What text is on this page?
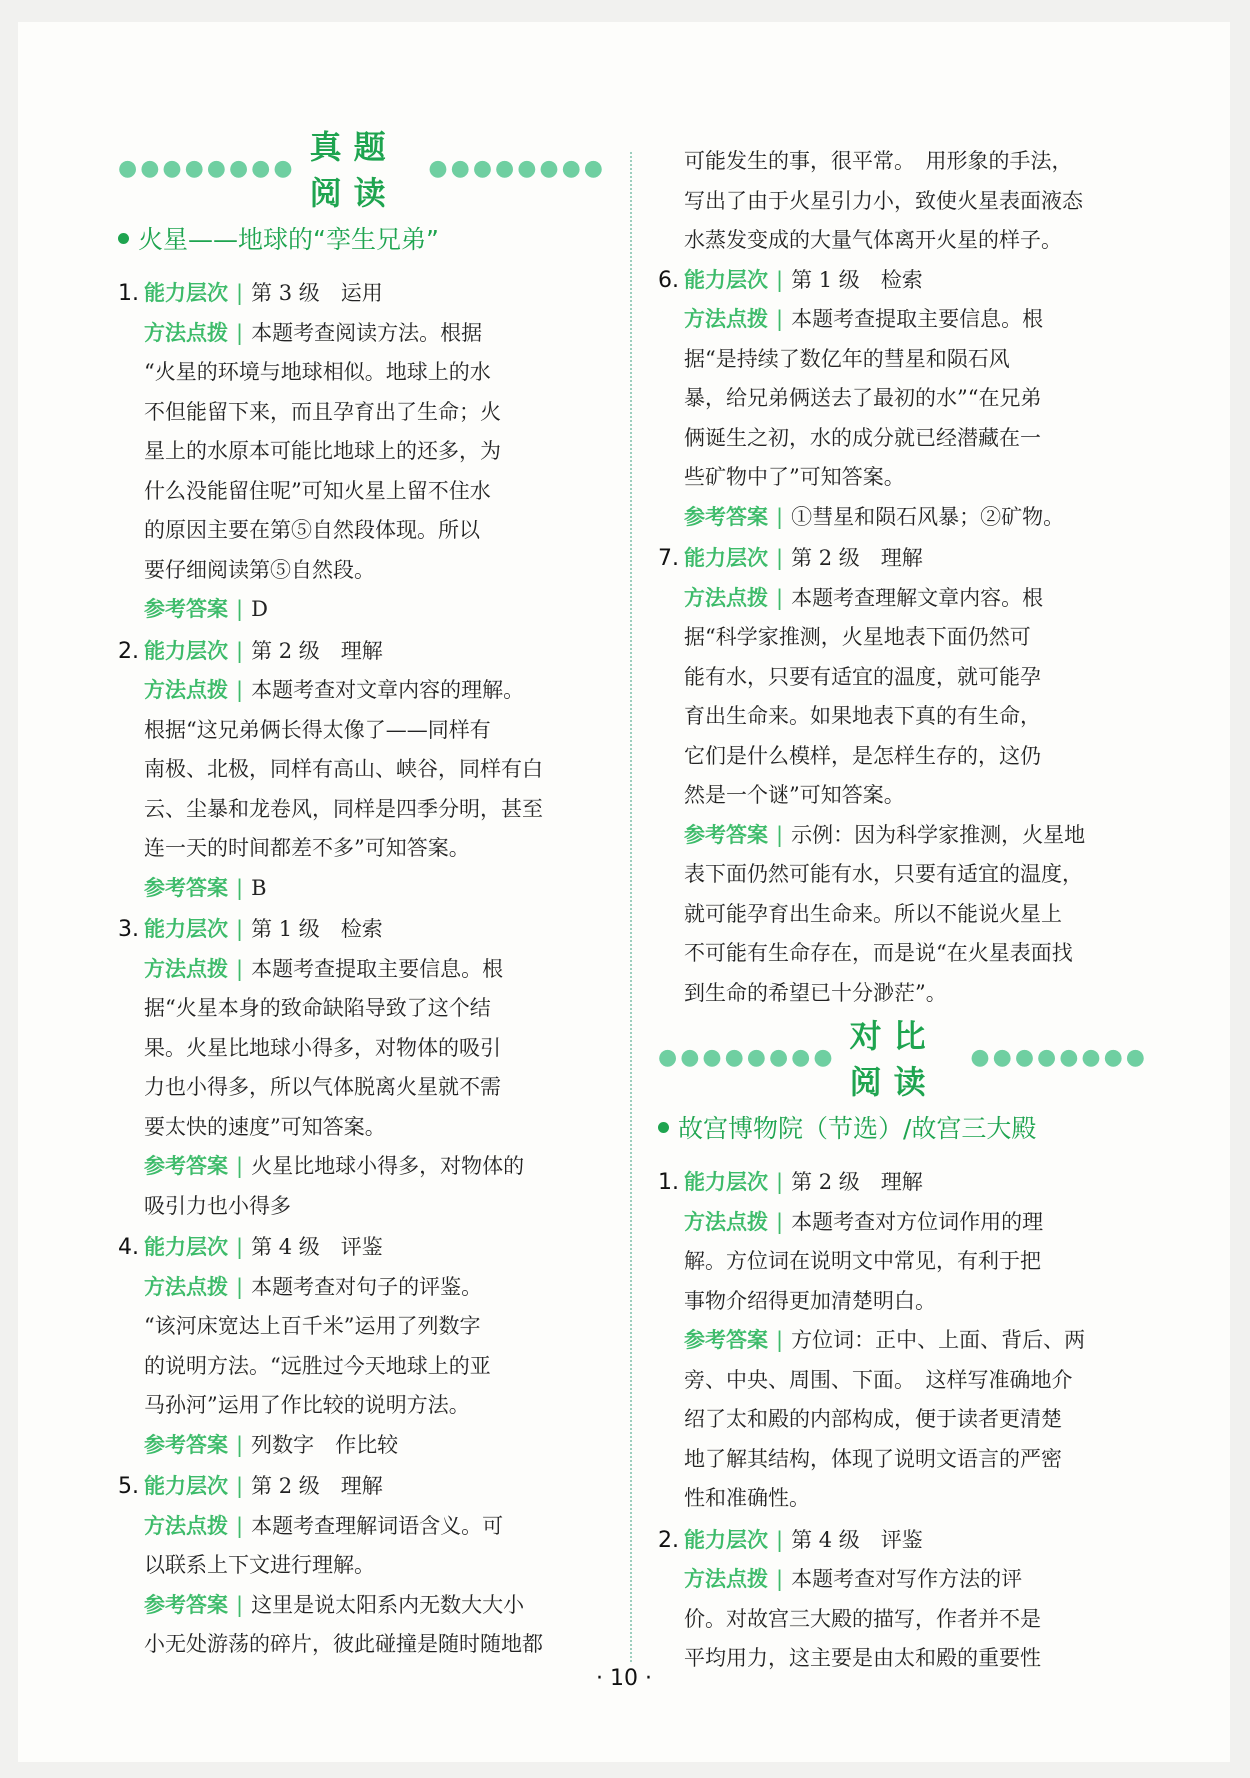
●●●●●●●●
真题阅读
●●●●●●●●
火星——地球的“孪生兄弟”
1. 能力层次 | 第 3 级　运用
方法点拨 | 本题考查阅读方法。根据
“火星的环境与地球相似。地球上的水
不但能留下来，而且孕育出了生命；火
星上的水原本可能比地球上的还多，为
什么没能留住呢”可知火星上留不住水
的原因主要在第⑤自然段体现。所以
要仔细阅读第⑤自然段。
参考答案 | D
2. 能力层次 | 第 2 级　理解
方法点拨 | 本题考查对文章内容的理解。
根据“这兄弟俩长得太像了——同样有
南极、北极，同样有高山、峡谷，同样有白
云、尘暴和龙卷风，同样是四季分明，甚至
连一天的时间都差不多”可知答案。
参考答案 | B
3. 能力层次 | 第 1 级　检索
方法点拨 | 本题考查提取主要信息。根
据“火星本身的致命缺陷导致了这个结
果。火星比地球小得多，对物体的吸引
力也小得多，所以气体脱离火星就不需
要太快的速度”可知答案。
参考答案 | 火星比地球小得多，对物体的
吸引力也小得多
4. 能力层次 | 第 4 级　评鉴
方法点拨 | 本题考查对句子的评鉴。
“该河床宽达上百千米”运用了列数字
的说明方法。“远胜过今天地球上的亚
马孙河”运用了作比较的说明方法。
参考答案 | 列数字　作比较
5. 能力层次 | 第 2 级　理解
方法点拨 | 本题考查理解词语含义。可
以联系上下文进行理解。
参考答案 | 这里是说太阳系内无数大大小
小无处游荡的碎片，彼此碰撞是随时随地都
可能发生的事，很平常。　用形象的手法，
写出了由于火星引力小，致使火星表面液态
水蒸发变成的大量气体离开火星的样子。
6. 能力层次 | 第 1 级　检索
方法点拨 | 本题考查提取主要信息。根
据“是持续了数亿年的彗星和陨石风
暴，给兄弟俩送去了最初的水”“在兄弟
俩诞生之初，水的成分就已经潜藏在一
些矿物中了”可知答案。
参考答案 | ①彗星和陨石风暴；②矿物。
7. 能力层次 | 第 2 级　理解
方法点拨 | 本题考查理解文章内容。根
据“科学家推测，火星地表下面仍然可
能有水，只要有适宜的温度，就可能孕
育出生命来。如果地表下真的有生命，
它们是什么模样，是怎样生存的，这仍
然是一个谜”可知答案。
参考答案 | 示例：因为科学家推测，火星地
表下面仍然可能有水，只要有适宜的温度，
就可能孕育出生命来。所以不能说火星上
不可能有生命存在，而是说“在火星表面找
到生命的希望已十分渺茫”。
●●●●●●●●
对比阅读
●●●●●●●●
故宫博物院（节选）/故宫三大殿
1. 能力层次 | 第 2 级　理解
方法点拨 | 本题考查对方位词作用的理
解。方位词在说明文中常见，有利于把
事物介绍得更加清楚明白。
参考答案 | 方位词：正中、上面、背后、两
旁、中央、周围、下面。　这样写准确地介
绍了太和殿的内部构成，便于读者更清楚
地了解其结构，体现了说明文语言的严密
性和准确性。
2. 能力层次 | 第 4 级　评鉴
方法点拨 | 本题考查对写作方法的评
价。对故宫三大殿的描写，作者并不是
平均用力，这主要是由太和殿的重要性
· 10 ·
